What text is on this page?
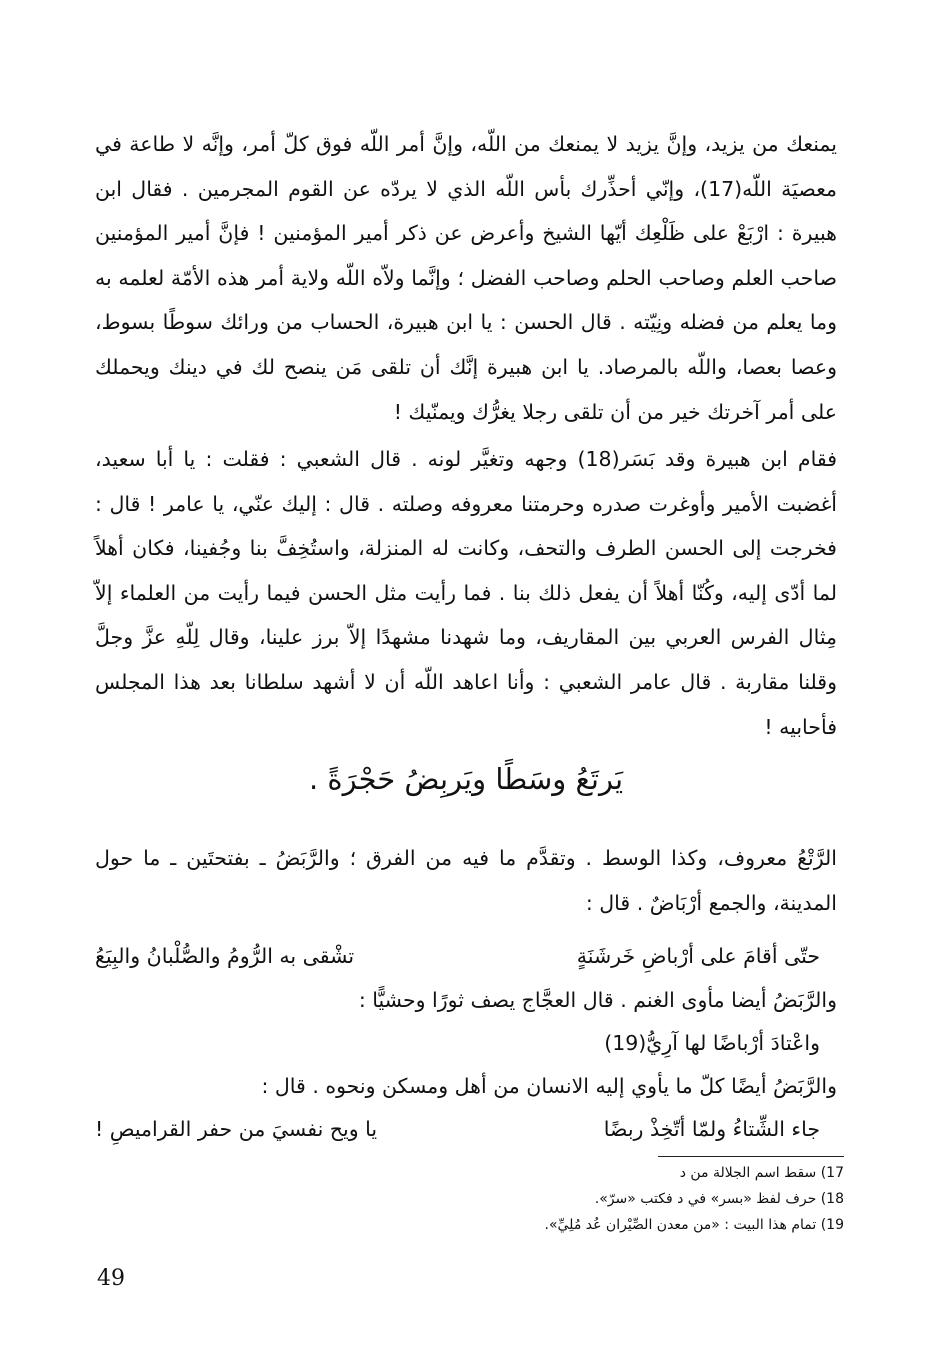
يمنعك من يزيد، وإنَّ يزيد لا يمنعك من اللّه، وإنَّ أمر اللّه فوق كلّ أمر، وإنَّه لا طاعة في معصيَة اللّه(17)، وإنّي أحذِّرك بأس اللّه الذي لا يردّه عن القوم المجرمين . فقال ابن هبيرة : ارْبَعْ على ظَلْعِك أيّها الشيخ وأعرض عن ذكر أمير المؤمنين ! فإنَّ أمير المؤمنين صاحب العلم وصاحب الحلم وصاحب الفضل ؛ وإنَّما ولاّه اللّه ولاية أمر هذه الأمّة لعلمه به وما يعلم من فضله ونِيّته . قال الحسن : يا ابن هبيرة، الحساب من ورائك سوطًا بسوط، وعصا بعصا، واللّه بالمرصاد. يا ابن هبيرة إنَّك أن تلقى مَن ينصح لك في دينك ويحملك على أمر آخرتك خير من أن تلقى رجلا يغرُّك ويمنّيك !

فقام ابن هبيرة وقد بَسَر(18) وجهه وتغيَّر لونه . قال الشعبي : فقلت : يا أبا سعيد، أغضبت الأمير وأوغرت صدره وحرمتنا معروفه وصلته . قال : إليك عنّي، يا عامر ! قال : فخرجت إلى الحسن الطرف والتحف، وكانت له المنزلة، واستُخِفَّ بنا وجُفينا، فكان أهلاً لما أدّى إليه، وكُنّا أهلاً أن يفعل ذلك بنا . فما رأيت مثل الحسن فيما رأيت من العلماء إلاّ مِثال الفرس العربي بين المقاريف، وما شهدنا مشهدًا إلاّ برز علينا، وقال لِلّهِ عزَّ وجلَّ وقلنا مقاربة . قال عامر الشعبي : وأنا اعاهد اللّه أن لا أشهد سلطانا بعد هذا المجلس فأحابيه !

يَرتَعُ وسَطًا ويَربِضُ حَجْرَةً .

الرَّتْعُ معروف، وكذا الوسط . وتقدَّم ما فيه من الفرق ؛ والرَّبَضُ ـ بفتحتَين ـ ما حول المدينة، والجمع أرْبَاضٌ . قال :

حتّى أقامَ على أرْباضِ خَرشَنَةٍ
تشْقى به الرُّومُ والصُّلْبانُ والبِيَعُ
والرَّبَضُ أيضا مأوى الغنم . قال العجَّاج يصف ثورًا وحشيًّا :
واعْتادَ أرْباضًا لها آرِيُّ(19)
والرَّبَضُ أيضًا كلّ ما يأوي إليه الانسان من أهل ومسكن ونحوه . قال :
جاء الشِّتاءُ ولمّا أتّخِذْ ربضًا
يا ويح نفسيَ من حفر القراميصِ !
17) سقط اسم الجلالة من د
18) حرف لفظ «بسر» في د فكتب «سرّ».
19) تمام هذا البيت : «من معدن الصِّيْران عُد مُلِيِّ».
49
